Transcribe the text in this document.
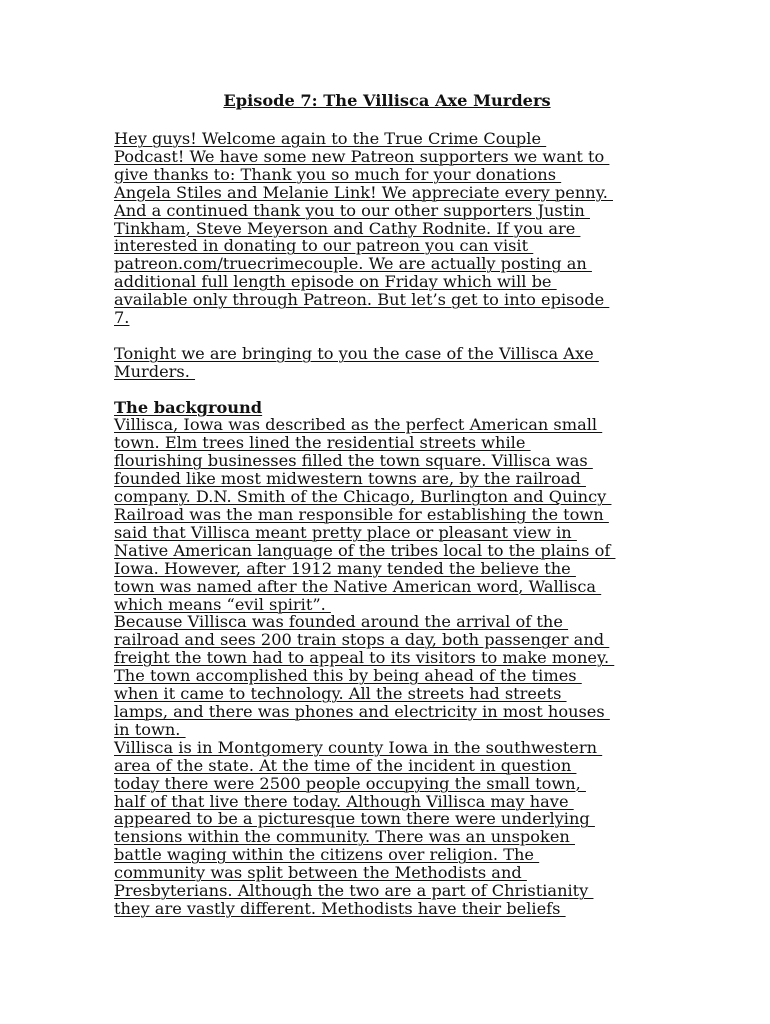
Episode 7: The Villisca Axe Murders
Hey guys! Welcome again to the True Crime Couple
Podcast! We have some new Patreon supporters we want to
give thanks to: Thank you so much for your donations
Angela Stiles and Melanie Link! We appreciate every penny.
And a continued thank you to our other supporters Justin
Tinkham, Steve Meyerson and Cathy Rodnite. If you are
interested in donating to our patreon you can visit
patreon.com/truecrimecouple. We are actually posting an
additional full length episode on Friday which will be
available only through Patreon. But let’s get to into episode
7.
Tonight we are bringing to you the case of the Villisca Axe
Murders.
The background
Villisca, Iowa was described as the perfect American small
town. Elm trees lined the residential streets while
flourishing businesses filled the town square. Villisca was
founded like most midwestern towns are, by the railroad
company. D.N. Smith of the Chicago, Burlington and Quincy
Railroad was the man responsible for establishing the town
said that Villisca meant pretty place or pleasant view in
Native American language of the tribes local to the plains of
Iowa. However, after 1912 many tended the believe the
town was named after the Native American word, Wallisca
which means “evil spirit”.
Because Villisca was founded around the arrival of the
railroad and sees 200 train stops a day, both passenger and
freight the town had to appeal to its visitors to make money.
The town accomplished this by being ahead of the times
when it came to technology. All the streets had streets
lamps, and there was phones and electricity in most houses
in town.
Villisca is in Montgomery county Iowa in the southwestern
area of the state. At the time of the incident in question
today there were 2500 people occupying the small town,
half of that live there today. Although Villisca may have
appeared to be a picturesque town there were underlying
tensions within the community. There was an unspoken
battle waging within the citizens over religion. The
community was split between the Methodists and
Presbyterians. Although the two are a part of Christianity
they are vastly different. Methodists have their beliefs
